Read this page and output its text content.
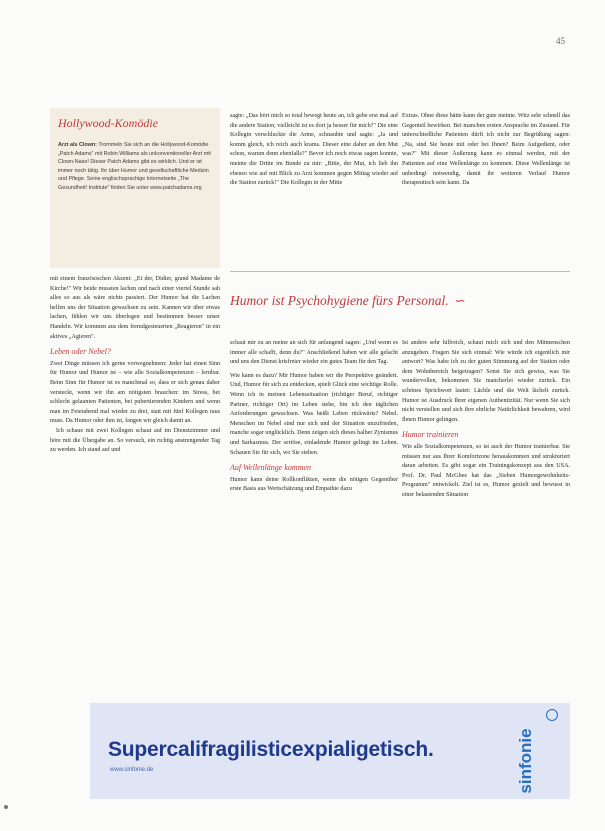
45
Hollywood-Komödie

Arzt als Clown: Trommeln Sie sich an die Hollywood-Komödie „Patch Adams" mit Robin Williams als unkonventioneller Arzt mit Clown-Nase! Dieser Patch Adams gibt es wirklich. Und er ist immer noch tätig. Ihr über Humor und gesellschaftliche Medizin und Pflege. Seine englischsprachige Internetseite „The Gesundheit! Institute" finden Sie unter www.patchadams.org

sagte: „Das hört mich so total bewegt heute an, ich gebe erst mal auf die andere Station, vielleicht ist es dort ja besser für mich?" Die eine Kollegin verschluckte die Arme, schnaubte und sagte: „Ja und komm gleich, ich reich auch krams. Dieser eine daher an den Mut schon, warum denn ebenfalls?" Bevor ich noch etwas sagen konnte, meinte die Dritte im Bunde zu mir: „Bitte, der Mut, ich lieb ihn ebenso wie auf mit Blick zu Arzt kommen gegen Mittag wieder auf die Station zurück!" Die Kollegin in der Mitte

Extras. Ohne diese hätte kann der gute meinte. Witz sehr schnell das Gegenteil bewirken. Bei manchen ersten Ansprache im Zustand. Für unterschiedliche Patienten dürft ich nicht zur Begrüßung sagen: „Na, sind Sie heute mit oder bei Ihnen? Beim Aufgedient, oder was?" Mit dieser Äußerung kann es einmal werden, mit der Patienten auf eine Wellenlänge zu kommen. Diese Wellenlänge ist unbedingt notwendig, damit ihr weiteren Verlauf Humor therapeutisch sein kann. Da

Humor ist Psychohygiene fürs Personal. ∽

mit einem französischen Akzent: „Et der, Didier, grand Madame de Kirche!" Wir beide mussten lachen und nach einer viertel Stunde sah alles so aus als wäre nichts passiert. Der Humor hat die Lachen helfen uns der Situation gewachsen zu sein. Kannen wir über etwas lachen, fühlen wir uns überlegen und bestimmen besser unser Handeln. Wir kommen aus dem fremdgesteuerten „Reagieren" in ein aktives „Agieren".

Leben oder Nebel?

Zwei Dinge müssen ich gerne vorwegnehmen: Jeder hat einen Sinn für Humor und Humor ist – wie alle Sozialkompetenzen – lernbar. Beim Sinn für Humor ist es manchmal so, dass er sich genau daher versteckt, wenn wir ihn am nötigsten brauchen: im Stress, bei schlecht gelaunten Patienten, bei pubertierenden Kindern und wenn man im Feierabend mal wieder zu drei, statt mit fünf Kollegen raus muss. Da Humor oder ihm ist, fangen wir gleich damit an.

Ich schaue mit zwei Kollegen schaut auf im Dienstzimmer und höre mit die Übergabe an. So versuch, ein richtig anstrengender Tag zu werden. Ich stand auf und

schaut mir zu an meine an sich für anfangend sagen: „Und wenn es immer alle schafft, denn du?" Anschließend haben wir alle gelacht und uns den Dienst krisfreier wieder ein gutes Team für den Tag.

Wie kann es dazu? Mir Humor haben wir die Perspektive geändert. Und, Humor für sich zu entdecken, spielt Glück eine wichtige Rolle. Wenn ich in meinen Lebenssituation (richtiger Beruf, richtiger Partner, richtiger Ort) im Leben stehe, bin ich den täglichen Anforderungen gewachsen. Was heißt Leben rückwärts? Nebel. Menschen im Nebel sind nur sich und der Situation unzufrieden, manche sogar unglücklich. Denn zeigen sich dieses halber Zynismus und Sarkasmus. Der seriöse, einladende Humor gelingt im Leben. Schauen Sie für sich, wo Sie stehen.

Auf Wellenlänge kommen

Humor kann deine Rollkonflikten, wenn die nötigen Gegenüber erste Basis aus Wertschätzung und Empathie dazu

Ist andere sehr hilfreich, schaut mich sich und den Mitmenschen anzugehen. Fragen Sie sich einmal: Wie würde ich eigentlich mir antwort? Was habe ich zu der guten Stimmung auf der Station oder dem Wohnbereich beigetragen? Sonst Sie sich gewiss, was Sie wundervollen, bekommen Sie mancherlei wieder zurück. Ein schönes Sprichwort lautet: Lächle und die Welt lächelt zurück. Humor ist Ausdruck Ihrer eigenen Authentizität. Nur wenn Sie sich nicht verstellen und sich ihre ehrliche Natürlichkeit bewahren, wird Ihnen Humor gelingen.

Humor trainieren

Wie alle Sozialkompetenzen, so ist auch der Humor trainierbar. Sie müssen nur aus Ihrer Komfortzone herauskommen und strukturiert daran arbeiten. Es gibt sogar ein Trainingskonzept aus den USA. Prof. Dr. Paul McGhee hat das „Sieben Humorgewohnheits-Programm" entwickelt. Ziel ist es, Humor gezielt und bewusst in einer belastenden Situation

Supercalifragilisticexpialigetisch.
www.sinfonie.de	sinfonie
